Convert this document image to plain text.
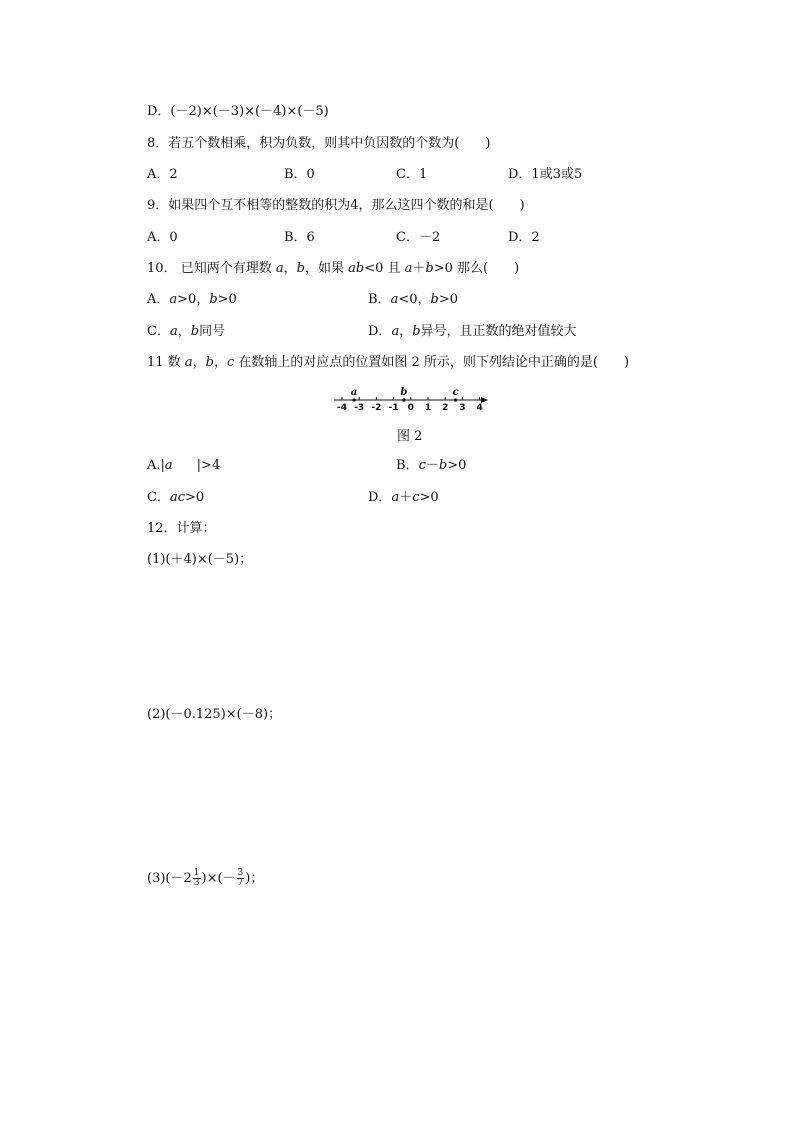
D．(－2)×(－3)×(－4)×(－5)
8．若五个数相乘，积为负数，则其中负因数的个数为(　　)
A．2	B．0	C．1	D．1或3或5
9．如果四个互不相等的整数的积为4，那么这四个数的和是(　　)
A．0	B．6	C．－2	D．2
10． 已知两个有理数 a，b，如果 ab<0 且 a＋b>0 那么(　　)
A．a>0，b>0	B．a<0，b>0
C．a，b同号	D．a，b异号，且正数的绝对值较大
11 数 a，b，c 在数轴上的对应点的位置如图 2 所示，则下列结论中正确的是(　　)
-4 -3 -2 -1 0 1 2 3 4
a	b	c
图 2
A.|a |>4	B．c－b>0
C．ac>0	D．a＋c>0
12．计算：
(1)(＋4)×(－5)；
(2)(－0.125)×(－8)；
$(3)(-2 \frac{1}{3}$ )×(－ $\frac{3}{7}$ )；
